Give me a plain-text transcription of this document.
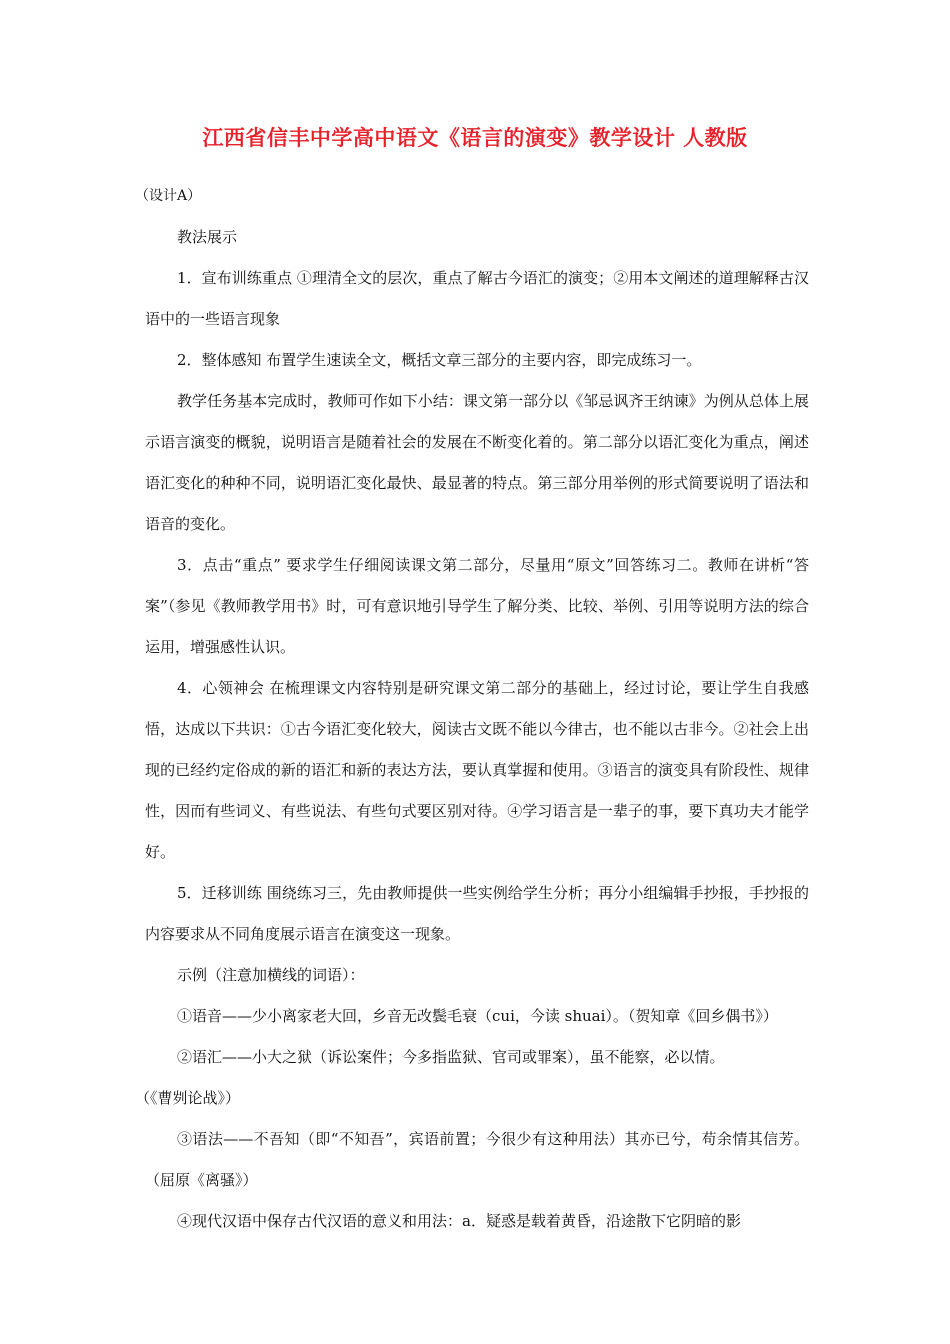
江西省信丰中学高中语文《语言的演变》教学设计 人教版

（设计A）

教法展示

1．宣布训练重点 ①理清全文的层次，重点了解古今语汇的演变；②用本文阐述的道理解释古汉语中的一些语言现象

2．整体感知 布置学生速读全文，概括文章三部分的主要内容，即完成练习一。

教学任务基本完成时，教师可作如下小结：课文第一部分以《邹忌讽齐王纳谏》为例从总体上展示语言演变的概貌，说明语言是随着社会的发展在不断变化着的。第二部分以语汇变化为重点，阐述语汇变化的种种不同，说明语汇变化最快、最显著的特点。第三部分用举例的形式简要说明了语法和语音的变化。

3．点击“重点” 要求学生仔细阅读课文第二部分，尽量用“原文”回答练习二。教师在讲析“答案”（参见《教师教学用书》时，可有意识地引导学生了解分类、比较、举例、引用等说明方法的综合运用，增强感性认识。

4．心领神会 在梳理课文内容特别是研究课文第二部分的基础上，经过讨论，要让学生自我感悟，达成以下共识：①古今语汇变化较大，阅读古文既不能以今律古，也不能以古非今。②社会上出现的已经约定俗成的新的语汇和新的表达方法，要认真掌握和使用。③语言的演变具有阶段性、规律性，因而有些词义、有些说法、有些句式要区别对待。④学习语言是一辈子的事，要下真功夫才能学好。

5．迁移训练 围绕练习三，先由教师提供一些实例给学生分析；再分小组编辑手抄报，手抄报的内容要求从不同角度展示语言在演变这一现象。

示例（注意加横线的词语）：

①语音——少小离家老大回，乡音无改鬓毛衰（cui，今读 shuai）。（贺知章《回乡偶书》）

②语汇——小大之狱（诉讼案件；今多指监狱、官司或罪案），虽不能察，必以情。

（《曹刿论战》）

③语法——不吾知（即“不知吾”，宾语前置；今很少有这种用法）其亦已兮，苟余情其信芳。（屈原《离骚》）

④现代汉语中保存古代汉语的意义和用法：a．疑惑是载着黄昏，沿途散下它阴暗的影
